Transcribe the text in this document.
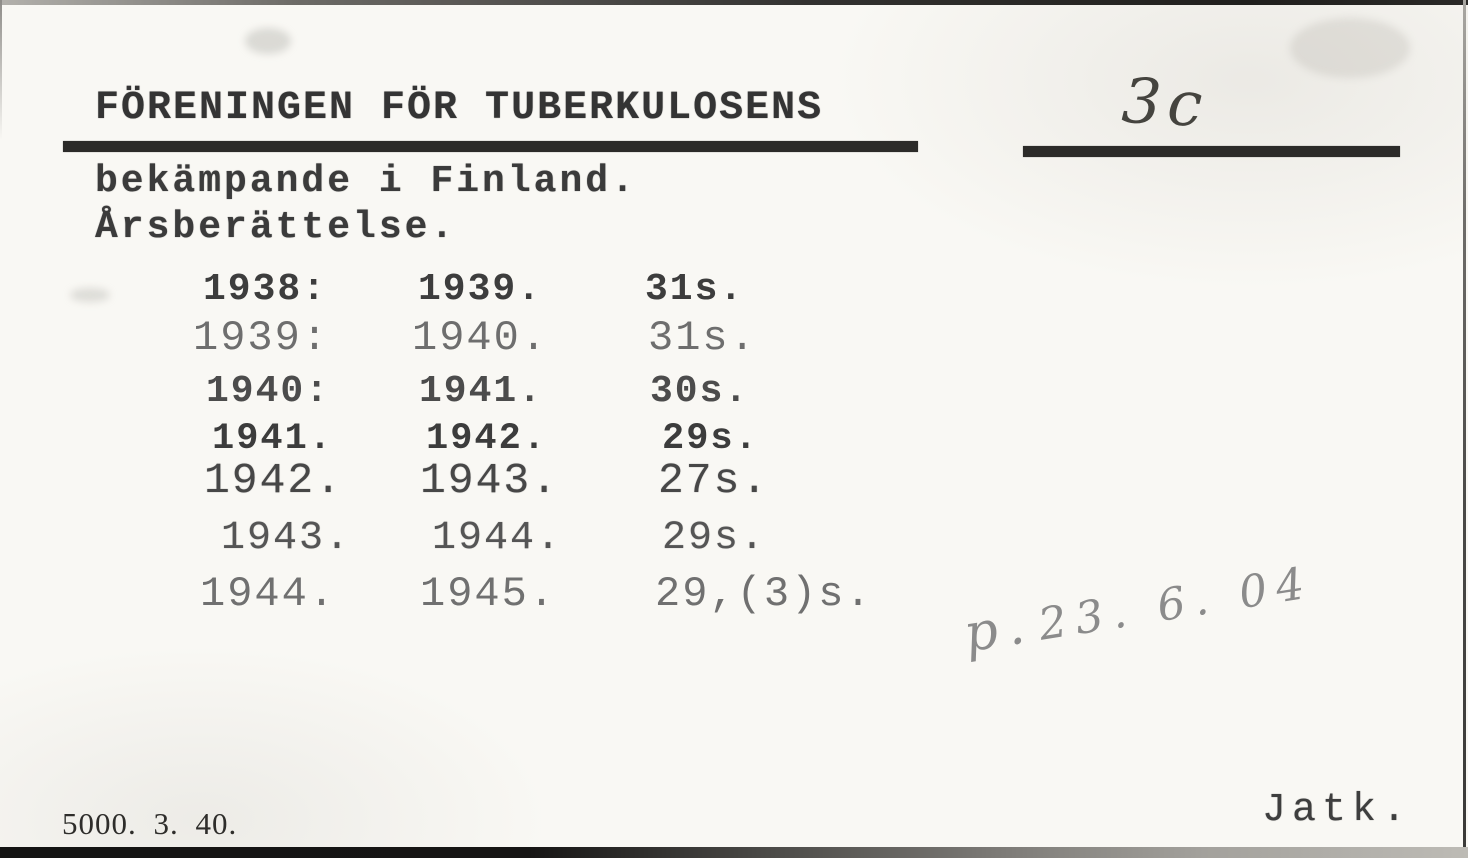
FÖRENINGEN FÖR TUBERKULOSENS	3c
bekämpande i Finland.
Årsberättelse.
1938: 1939.	31s.
1939: 1940. 31s.
1940: 1941.	30s.
1941.	1942.	29s.
1942. 1943. 27s.
1943. 1944. 29s.
1944. 1945. 29,(3)s.
p. 23. 6. 04
5000. 3. 40.	Jatk.
